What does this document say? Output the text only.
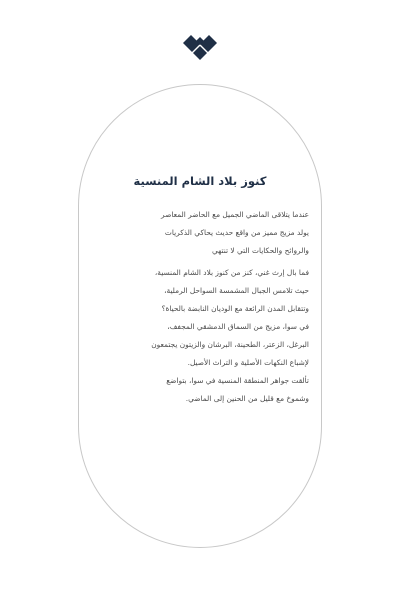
كنوز بلاد الشام المنسية
عندما يتلاقى الماضي الجميل مع الحاضر المعاصر
يولد مزيج مميز من واقع حديث يحاكي الذكريات
والروائح والحكايات التي لا تنتهي
فما بال إرث غني، كنز من كنوز بلاد الشام المنسية،
حيث تلامس الجبال المشمسة السواحل الرملية،
وتتقابل المدن الرائعة مع الوديان النابضة بالحياة؟
في سوا، مزيج من السماق الدمشقي المجفف،
البرغل، الزعتر، الطحينة، البرشان والزيتون يجتمعون
لإشباع النكهات الأصلية و التراث الأصيل.
تألقت جواهر المنطقة المنسية في سوا، بتواضع
وشموخ مع قليل من الحنين إلى الماضي.
